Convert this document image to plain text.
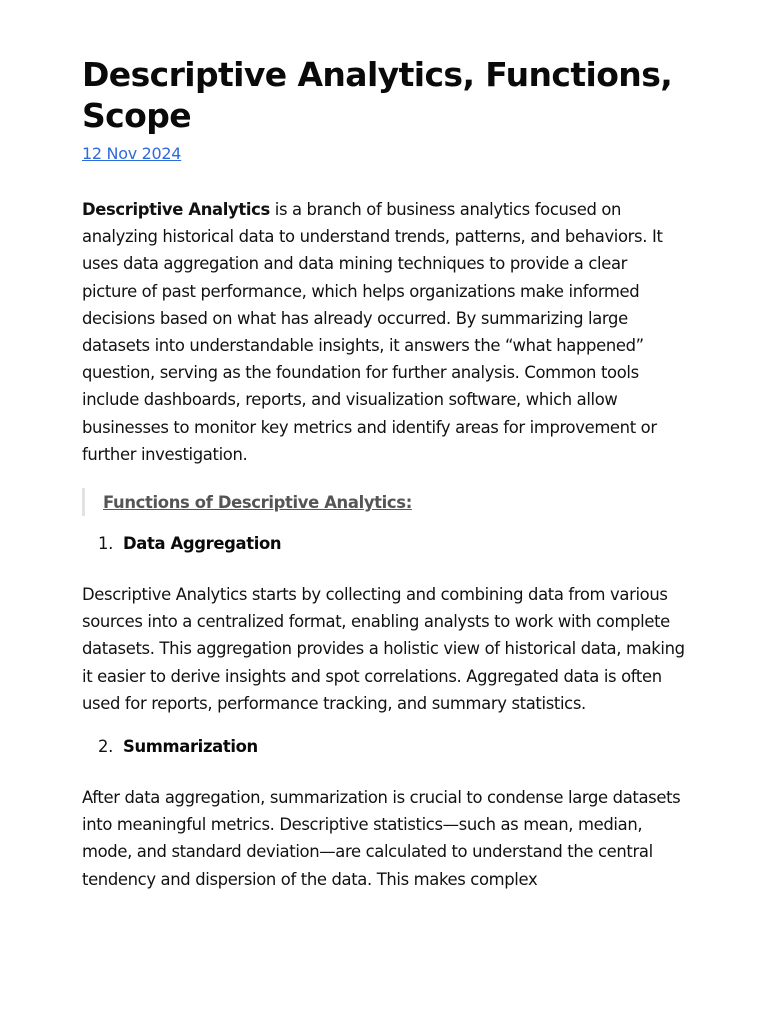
Descriptive Analytics, Functions, Scope
12 Nov 2024

Descriptive Analytics is a branch of business analytics focused on analyzing historical data to understand trends, patterns, and behaviors. It uses data aggregation and data mining techniques to provide a clear picture of past performance, which helps organizations make informed decisions based on what has already occurred. By summarizing large datasets into understandable insights, it answers the “what happened” question, serving as the foundation for further analysis. Common tools include dashboards, reports, and visualization software, which allow businesses to monitor key metrics and identify areas for improvement or further investigation.

Functions of Descriptive Analytics:
1. Data Aggregation

Descriptive Analytics starts by collecting and combining data from various sources into a centralized format, enabling analysts to work with complete datasets. This aggregation provides a holistic view of historical data, making it easier to derive insights and spot correlations. Aggregated data is often used for reports, performance tracking, and summary statistics.

2. Summarization

After data aggregation, summarization is crucial to condense large datasets into meaningful metrics. Descriptive statistics—such as mean, median, mode, and standard deviation—are calculated to understand the central tendency and dispersion of the data. This makes complex
